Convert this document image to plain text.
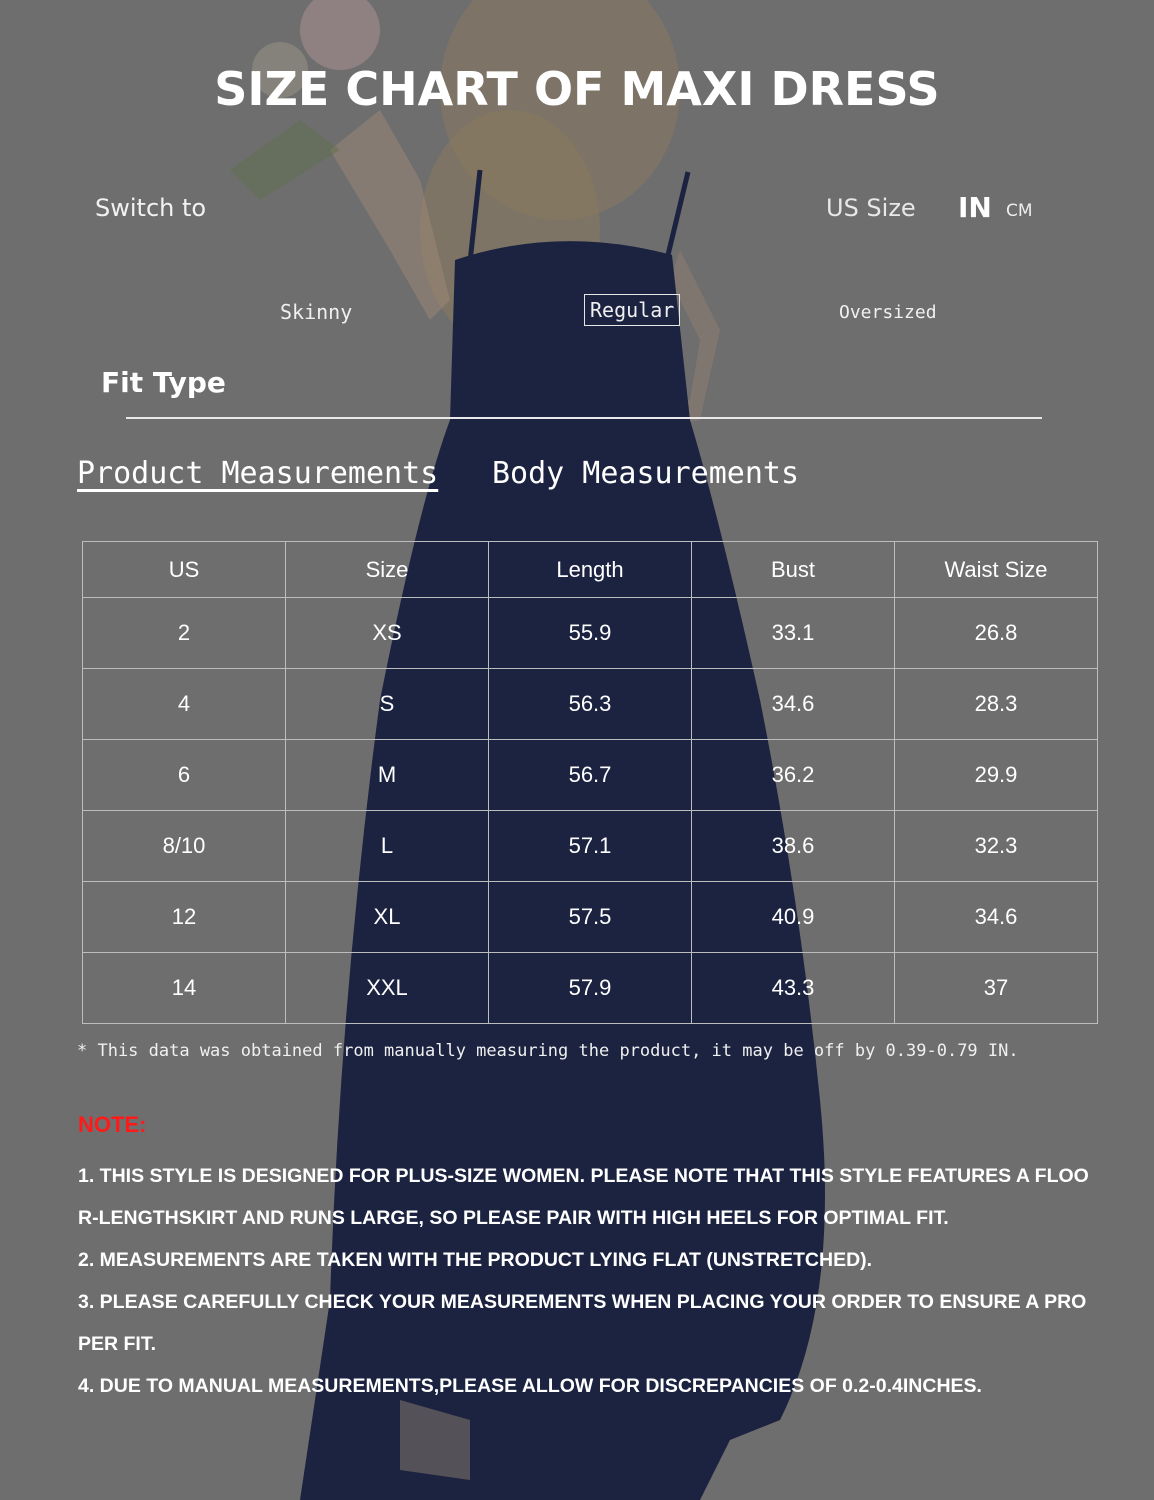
SIZE CHART OF MAXI DRESS
Switch to	US Size IN CM
Skinny	Regular	Oversized
Fit Type
Product Measurements Body Measurements
US	Size	Length	Bust	Waist Size
2	XS	55.9	33.1	26.8
4	S	56.3	34.6	28.3
6	M	56.7	36.2	29.9
8/10	L	57.1	38.6	32.3
12	XL	57.5	40.9	34.6
14	XXL	57.9	43.3	37
* This data was obtained from manually measuring the product, it may be off by 0.39-0.79 IN.
NOTE:
1. THIS STYLE IS DESIGNED FOR PLUS-SIZE WOMEN. PLEASE NOTE THAT THIS STYLE FEATURES A FLOO
R-LENGTHSKIRT AND RUNS LARGE, SO PLEASE PAIR WITH HIGH HEELS FOR OPTIMAL FIT.
2. MEASUREMENTS ARE TAKEN WITH THE PRODUCT LYING FLAT (UNSTRETCHED).
3. PLEASE CAREFULLY CHECK YOUR MEASUREMENTS WHEN PLACING YOUR ORDER TO ENSURE A PRO
PER FIT.
4. DUE TO MANUAL MEASUREMENTS,PLEASE ALLOW FOR DISCREPANCIES OF 0.2-0.4INCHES.
